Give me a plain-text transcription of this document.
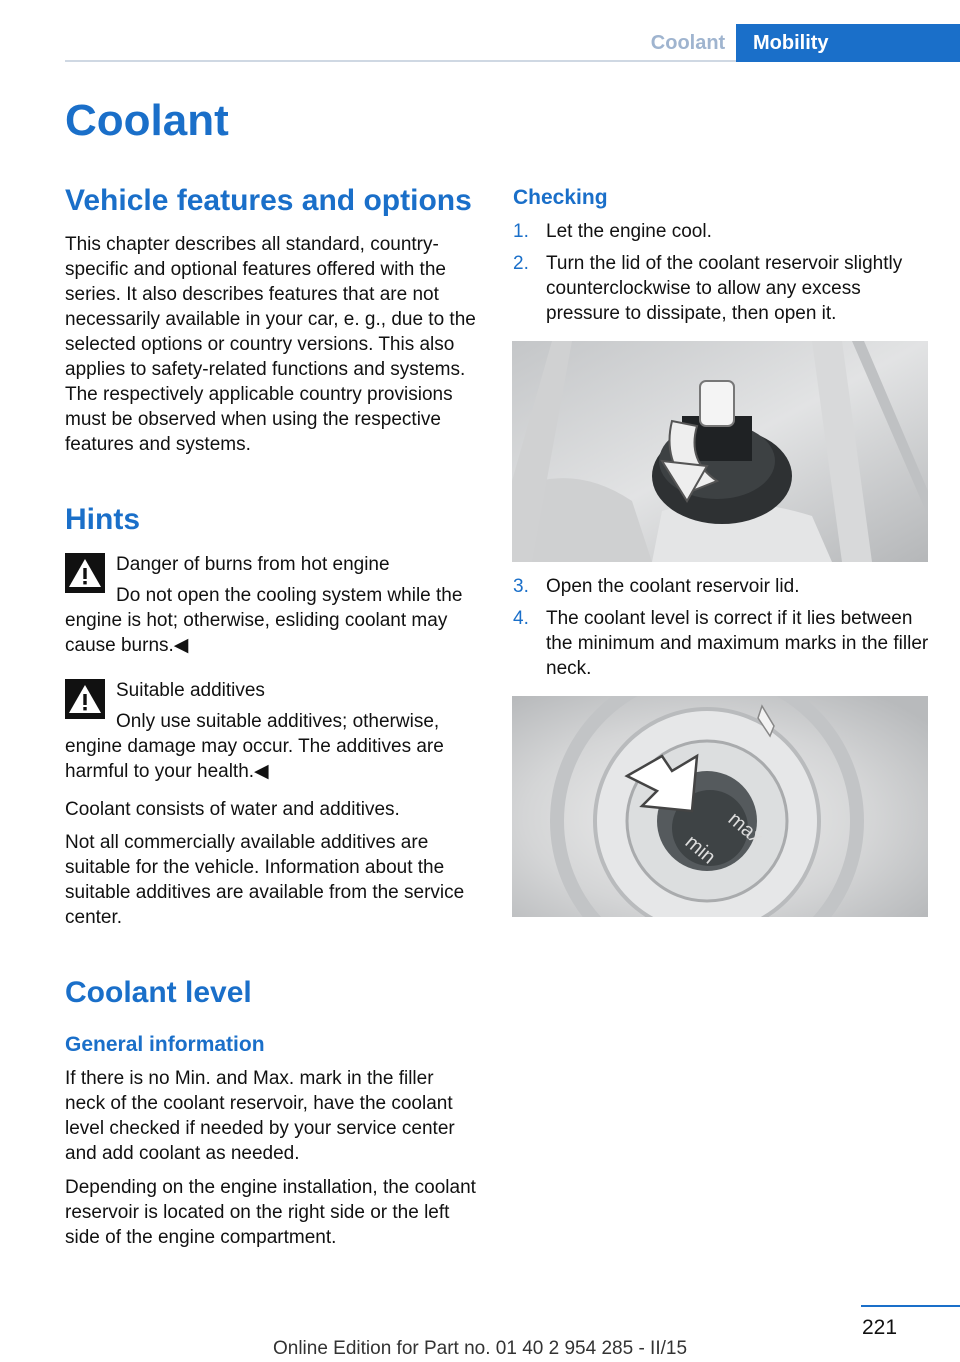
Coolant	Mobility
Coolant
Vehicle features and options
This chapter describes all standard, country-specific and optional features offered with the series. It also describes features that are not necessarily available in your car, e. g., due to the selected options or country versions. This also applies to safety-related functions and systems. The respectively applicable country provisions must be observed when using the respective features and systems.
Hints
Danger of burns from hot engine
Do not open the cooling system while the engine is hot; otherwise, esliding coolant may cause burns.◀
Suitable additives
Only use suitable additives; otherwise, engine damage may occur. The additives are harmful to your health.◀
Coolant consists of water and additives.
Not all commercially available additives are suitable for the vehicle. Information about the suitable additives are available from the service center.
Coolant level
General information
If there is no Min. and Max. mark in the filler neck of the coolant reservoir, have the coolant level checked if needed by your service center and add coolant as needed.
Depending on the engine installation, the coolant reservoir is located on the right side or the left side of the engine compartment.
Checking
1. Let the engine cool.
2. Turn the lid of the coolant reservoir slightly counterclockwise to allow any excess pressure to dissipate, then open it.
3. Open the coolant reservoir lid.
4. The coolant level is correct if it lies between the minimum and maximum marks in the filler neck.
max
min
221
Online Edition for Part no. 01 40 2 954 285 - II/15
